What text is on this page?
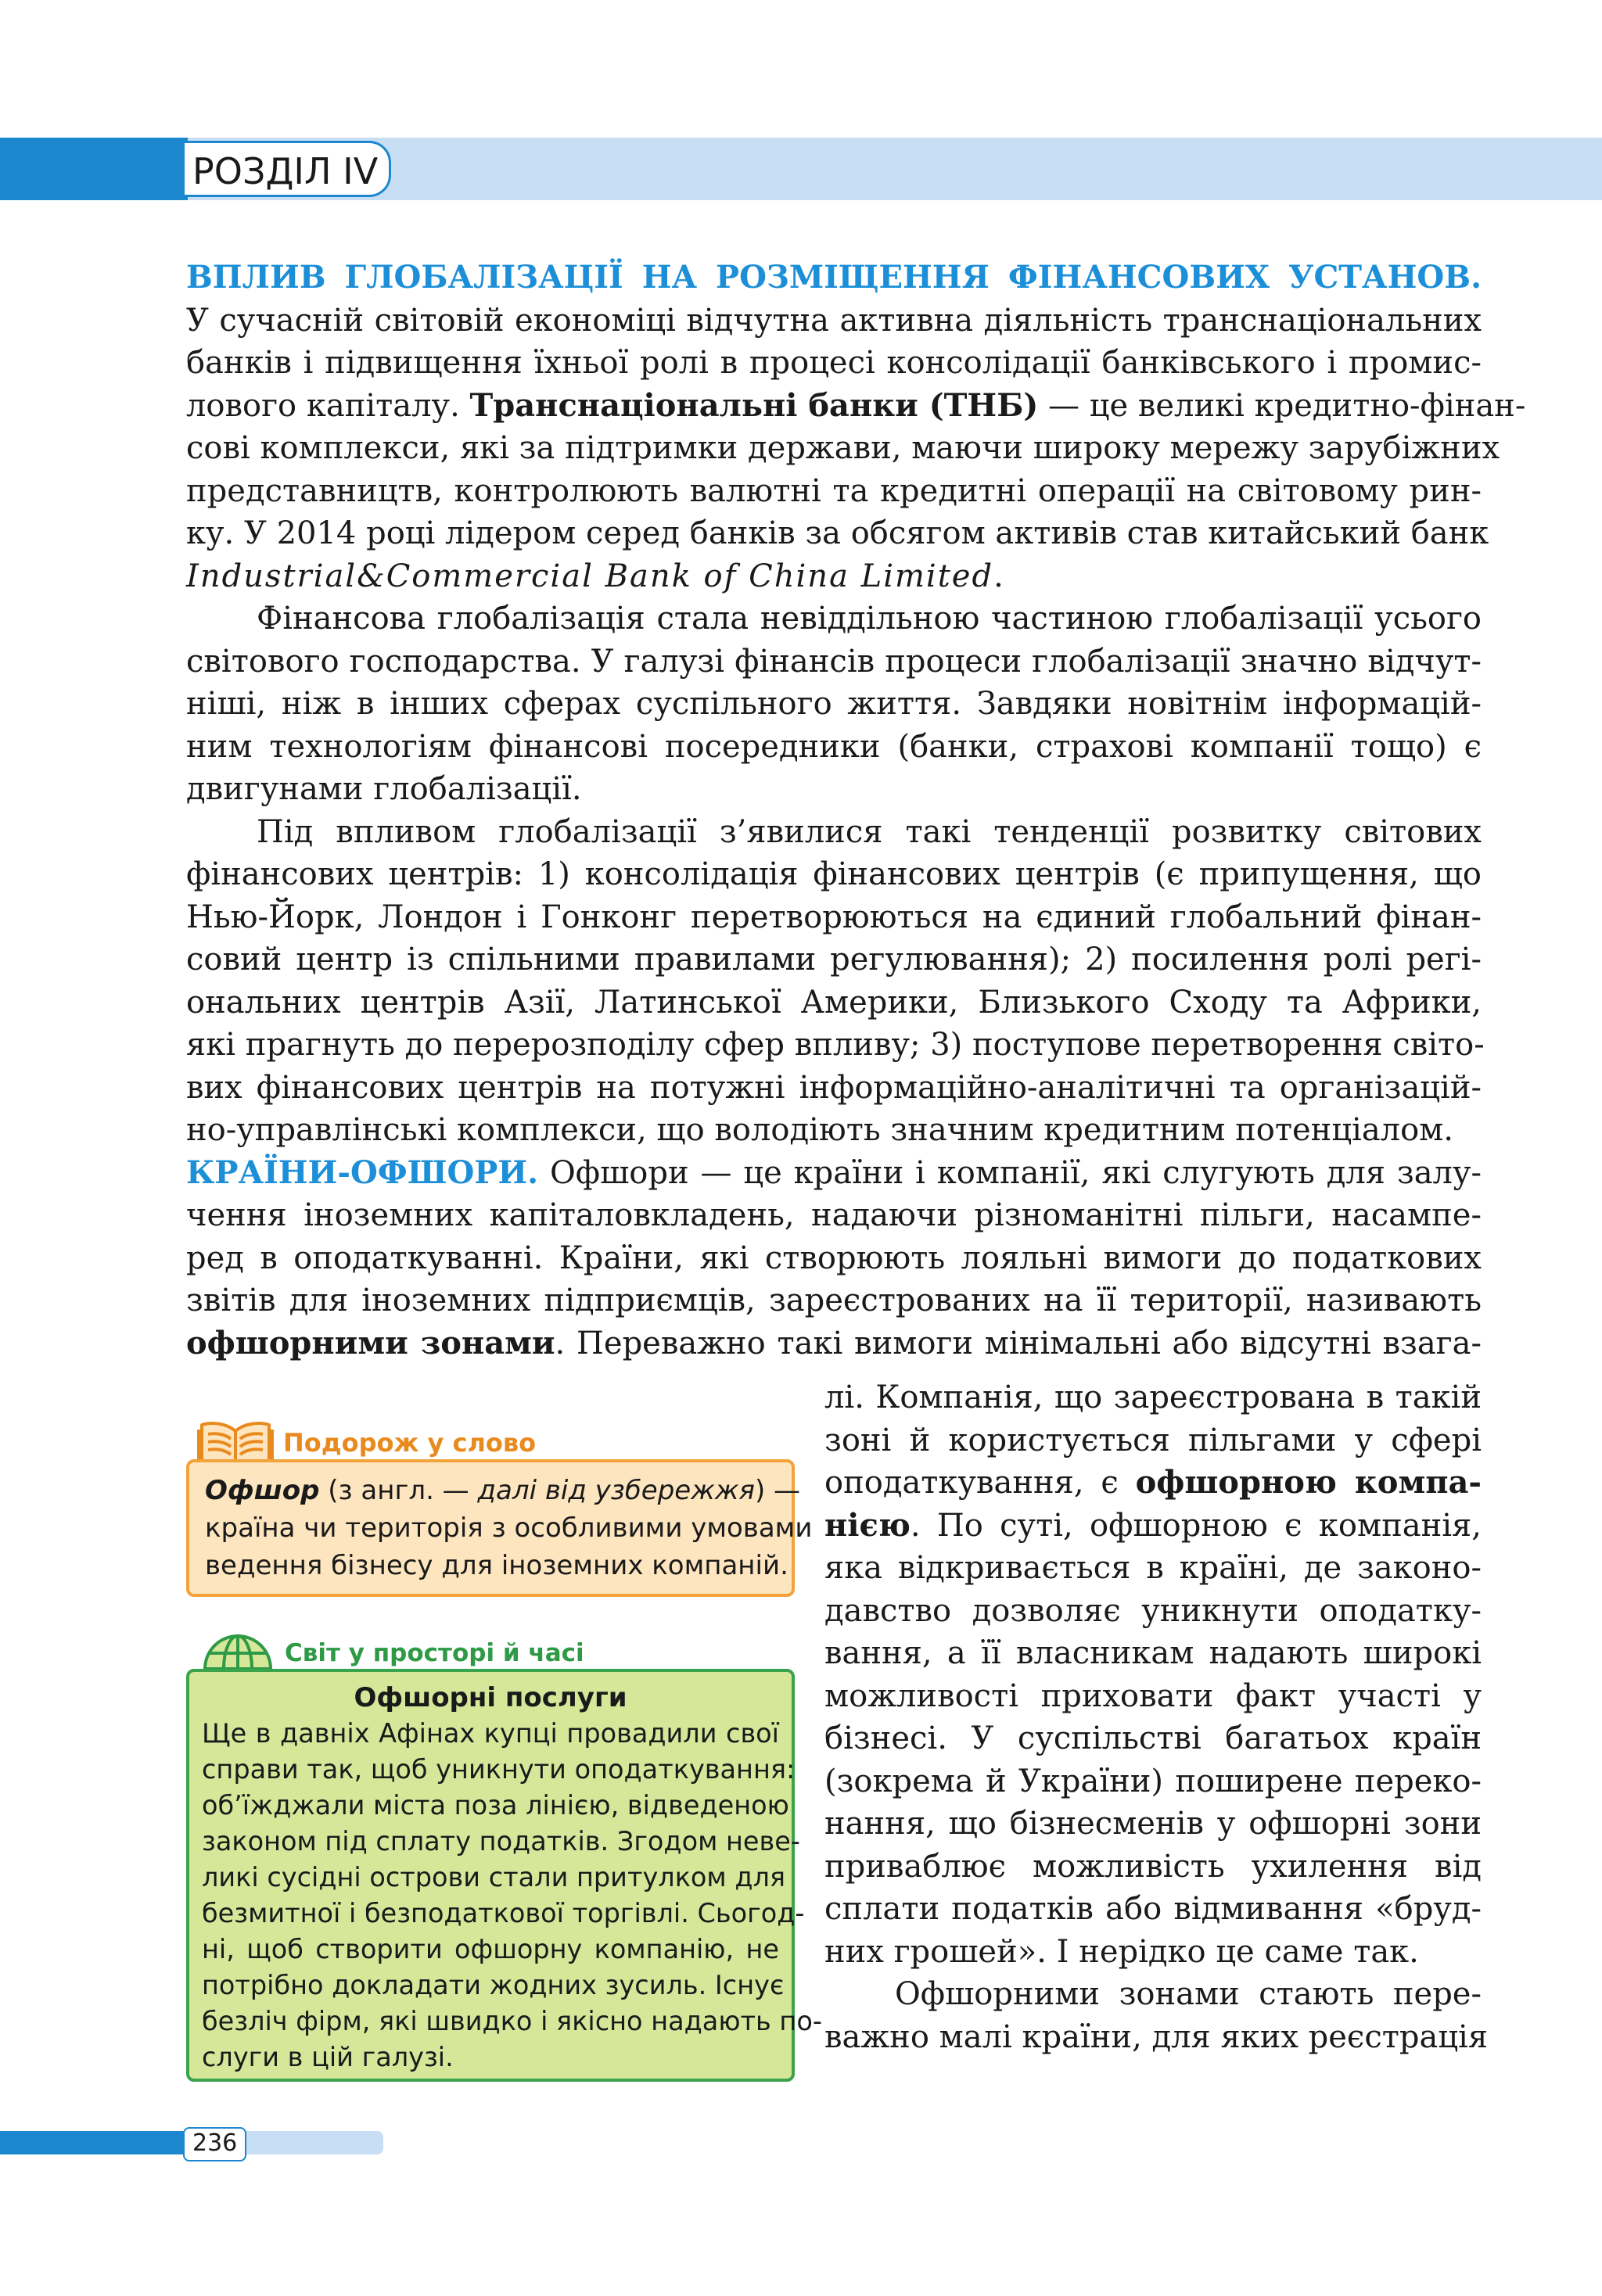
РОЗДІЛ IV
ВПЛИВ ГЛОБАЛІЗАЦІЇ НА РОЗМІЩЕННЯ ФІНАНСОВИХ УСТАНОВ.
У сучасній світовій економіці відчутна активна діяльність транснаціональних
банків і підвищення їхньої ролі в процесі консолідації банківського і промис-
лового капіталу. Транснаціональні банки (ТНБ) — це великі кредитно-фінан-
сові комплекси, які за підтримки держави, маючи широку мережу зарубіжних
представництв, контролюють валютні та кредитні операції на світовому рин-
ку. У 2014 році лідером серед банків за обсягом активів став китайський банк
Industrial&Commercial Bank of China Limited.
Фінансова глобалізація стала невіддільною частиною глобалізації усього
світового господарства. У галузі фінансів процеси глобалізації значно відчут-
ніші, ніж в інших сферах суспільного життя. Завдяки новітнім інформацій-
ним технологіям фінансові посередники (банки, страхові компанії тощо) є
двигунами глобалізації.
Під впливом глобалізації з’явилися такі тенденції розвитку світових
фінансових центрів: 1) консолідація фінансових центрів (є припущення, що
Нью-Йорк, Лондон і Гонконг перетворюються на єдиний глобальний фінан-
совий центр із спільними правилами регулювання); 2) посилення ролі регі-
ональних центрів Азії, Латинської Америки, Близького Сходу та Африки,
які прагнуть до перерозподілу сфер впливу; 3) поступове перетворення світо-
вих фінансових центрів на потужні інформаційно-аналітичні та організацій-
но-управлінські комплекси, що володіють значним кредитним потенціалом.
КРАЇНИ-ОФШОРИ. Офшори — це країни і компанії, які слугують для залу-
чення іноземних капіталовкладень, надаючи різноманітні пільги, насампе-
ред в оподаткуванні. Країни, які створюють лояльні вимоги до податкових
звітів для іноземних підприємців, зареєстрованих на її території, називають
офшорними зонами. Переважно такі вимоги мінімальні або відсутні взага-
лі. Компанія, що зареєстрована в такій
зоні й користується пільгами у сфері
оподаткування, є офшорною компа-
нією. По суті, офшорною є компанія,
яка відкривається в країні, де законо-
давство дозволяє уникнути оподатку-
вання, а її власникам надають широкі
можливості приховати факт участі у
бізнесі. У суспільстві багатьох країн
(зокрема й України) поширене переко-
нання, що бізнесменів у офшорні зони
приваблює можливість ухилення від
сплати податків або відмивання «бруд-
них грошей». І нерідко це саме так.
Офшорними зонами стають пере-
важно малі країни, для яких реєстрація
Подорож у слово
Офшор (з англ. — далі від узбережжя) —
країна чи територія з особливими умовами
ведення бізнесу для іноземних компаній.
Світ у просторі й часі
Офшорні послуги
Ще в давніх Афінах купці провадили свої
справи так, щоб уникнути оподаткування:
об’їжджали міста поза лінією, відведеною
законом під сплату податків. Згодом неве-
ликі сусідні острови стали притулком для
безмитної і безподаткової торгівлі. Сьогод-
ні, щоб створити офшорну компанію, не
потрібно докладати жодних зусиль. Існує
безліч фірм, які швидко і якісно надають по-
слуги в цій галузі.
236
